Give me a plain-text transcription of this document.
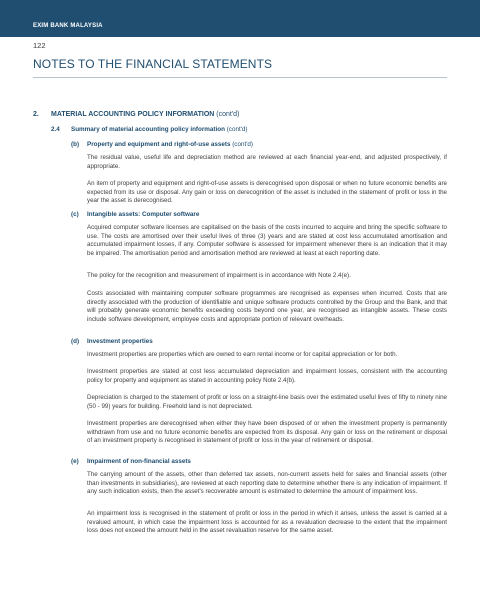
EXIM BANK MALAYSIA
122
NOTES TO THE FINANCIAL STATEMENTS
2. MATERIAL ACCOUNTING POLICY INFORMATION (cont'd)
2.4 Summary of material accounting policy information (cont'd)
(b) Property and equipment and right-of-use assets (cont'd)

The residual value, useful life and depreciation method are reviewed at each financial year-end, and adjusted prospectively, if appropriate.

An item of property and equipment and right-of-use assets is derecognised upon disposal or when no future economic benefits are expected from its use or disposal. Any gain or loss on derecognition of the asset is included in the statement of profit or loss in the year the asset is derecognised.

(c) Intangible assets: Computer software

Acquired computer software licenses are capitalised on the basis of the costs incurred to acquire and bring the specific software to use. The costs are amortised over their useful lives of three (3) years and are stated at cost less accumulated amortisation and accumulated impairment losses, if any. Computer software is assessed for impairment whenever there is an indication that it may be impaired. The amortisation period and amortisation method are reviewed at least at each reporting date.

The policy for the recognition and measurement of impairment is in accordance with Note 2.4(e).

Costs associated with maintaining computer software programmes are recognised as expenses when incurred. Costs that are directly associated with the production of identifiable and unique software products controlled by the Group and the Bank, and that will probably generate economic benefits exceeding costs beyond one year, are recognised as intangible assets. These costs include software development, employee costs and appropriate portion of relevant overheads.

(d) Investment properties

Investment properties are properties which are owned to earn rental income or for capital appreciation or for both.

Investment properties are stated at cost less accumulated depreciation and impairment losses, consistent with the accounting policy for property and equipment as stated in accounting policy Note 2.4(b).

Depreciation is charged to the statement of profit or loss on a straight-line basis over the estimated useful lives of fifty to ninety nine (50 - 99) years for building. Freehold land is not depreciated.

Investment properties are derecognised when either they have been disposed of or when the investment property is permanently withdrawn from use and no future economic benefits are expected from its disposal. Any gain or loss on the retirement or disposal of an investment property is recognised in statement of profit or loss in the year of retirement or disposal.

(e) Impairment of non-financial assets

The carrying amount of the assets, other than deferred tax assets, non-current assets held for sales and financial assets (other than investments in subsidiaries), are reviewed at each reporting date to determine whether there is any indication of impairment. If any such indication exists, then the asset's recoverable amount is estimated to determine the amount of impairment loss.

An impairment loss is recognised in the statement of profit or loss in the period in which it arises, unless the asset is carried at a revalued amount, in which case the impairment loss is accounted for as a revaluation decrease to the extent that the impairment loss does not exceed the amount held in the asset revaluation reserve for the same asset.
